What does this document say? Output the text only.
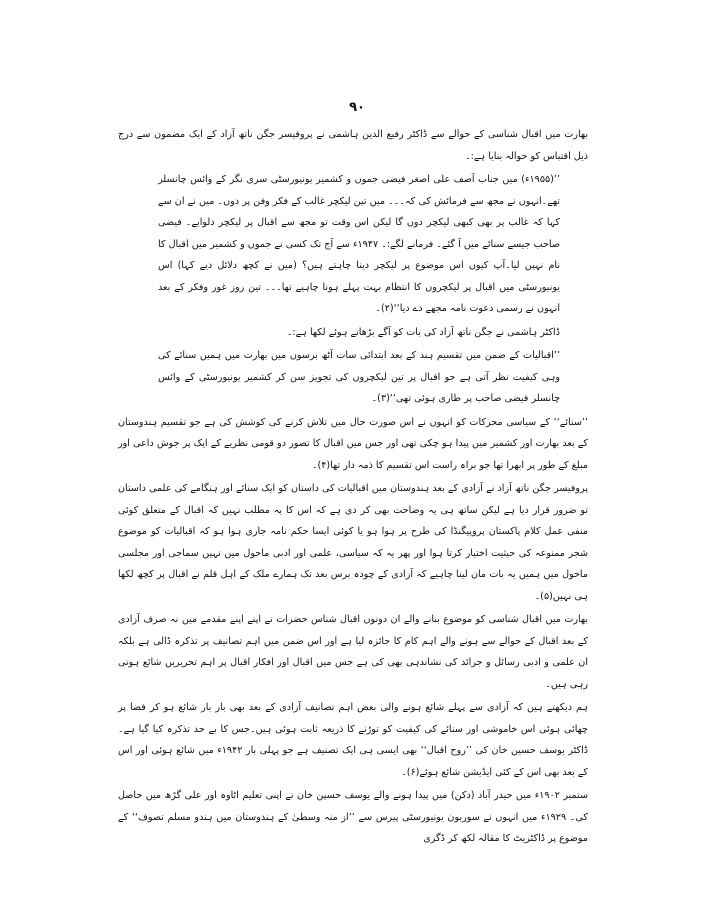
۹۰

بھارت میں اقبال شناسی کے حوالے سے ڈاکٹر رفیع الدین ہاشمی نے پروفیسر جگن ناتھ آزاد کے ایک مضمون سے درج ذیل اقتباس کو حوالہ بنایا ہے:۔

’’(۱۹۵۵ء) میں جناب آصف علی اصغر فیضی جموں و کشمیر یونیورسٹی سری نگر کے وائس چانسلر تھے۔انہوں نے مجھ سے فرمائش کی کہ۔۔۔ میں تین لیکچر غالب کے فکر وفن پر دوں۔ میں نے ان سے کہا کہ غالب پر بھی کبھی لیکچر دوں گا لیکن اس وقت تو مجھ سے اقبال پر لیکچر دلوایے۔ فیضی صاحب جیسے سنائے میں آ گئے۔ فرمانے لگے:۔ ۱۹۴۷ء سے آج تک کسی نے جموں و کشمیر میں اقبال کا نام نہیں لیا۔آپ کیوں اس موضوع پر لیکچر دینا چاہتے ہیں؟ (میں نے کچھ دلائل دیے کہا) اس یونیورسٹی میں اقبال پر لیکچروں کا انتظام بہت پہلے ہونا چاہیے تھا۔۔۔ تین روز غور وفکر کے بعد انہوں نے رسمی دعوت نامہ مجھے دے دیا‘‘(۲)۔

ڈاکٹر ہاشمی نے جگن ناتھ آزاد کی بات کو آگے بڑھاتے ہوئے لکھا ہے:۔

’’اقبالیات کے ضمن میں تقسیم ہند کے بعد ابتدائی سات آٹھ برسوں میں بھارت میں ہمیں سنائے کی وہی کیفیت نظر آتی ہے جو اقبال پر تین لیکچروں کی تجویز سن کر کشمیر یونیورسٹی کے وائس چانسلر فیضی صاحب پر طاری ہوئی تھی‘‘(۳)۔

’’سنائے‘‘ کے سیاسی محرکات کو انہوں نے اس صورت حال میں تلاش کرنے کی کوشش کی ہے جو تقسیم ہندوستان کے بعد بھارت اور کشمیر میں پیدا ہو چکی تھی اور جس میں اقبال کا تصور دو قومی نظریے کے ایک پر جوش داعی اور مبلغ کے طور پر ابھرا تھا جو براہ راست اس تقسیم کا ذمہ دار تھا(۴)۔

پروفیسر جگن ناتھ آزاد نے آزادی کے بعد ہندوستان میں اقبالیات کی داستان کو ایک سنائے اور ہنگامے کی علمی داستان تو ضرور قرار دیا ہے لیکن ساتھ ہی یہ وضاحت بھی کر دی ہے کہ اس کا یہ مطلب نہیں کہ اقبال کے متعلق کوئی منفی عمل کلام پاکستان پروپیگنڈا کی طرح پر ہوا ہو یا کوئی ایسا حکم نامہ جاری ہوا ہو کہ اقبالیات کو موضوع شجر ممنوعہ کی حیثیت اختیار کرتا ہوا اور پھر یہ کہ سیاسی، علمی اور ادبی ماحول میں نہیں سماجی اور مجلسی ماحول میں ہمیں یہ بات مان لینا چاہیے کہ آزادی کے چودہ برس بعد تک ہمارے ملک کے اہل قلم نے اقبال پر کچھ لکھا ہی نہیں(۵)۔

بھارت میں اقبال شناسی کو موضوع بنانے والے ان دونوں اقبال شناس حضرات نے اپنے اپنے مقدمے میں نہ صرف آزادی کے بعد اقبال کے حوالے سے ہونے والے اہم کام کا جائزہ لیا ہے اور اس ضمن میں اہم تصانیف پر تذکرہ ڈالی ہے بلکہ ان علمی و ادبی رسائل و جرائد کی نشاندہی بھی کی ہے جس میں اقبال اور افکار اقبال پر اہم تحریریں شائع ہوتی رہی ہیں۔

ہم دیکھتے ہیں کہ آزادی سے پہلے شائع ہونے والی بعض اہم تصانیف آزادی کے بعد بھی بار بار شائع ہو کر فضا پر چھائی ہوئی اس خاموشی اور سنائے کی کیفیت کو توڑنے کا ذریعہ ثابت ہوئی ہیں۔جس کا بے حد تذکرہ کیا گیا ہے۔ ڈاکٹر یوسف حسین خان کی ’’روح اقبال‘‘ بھی ایسی ہی ایک تصنیف ہے جو پہلی بار ۱۹۴۲ء میں شائع ہوئی اور اس کے بعد بھی اس کے کئی ایڈیشن شائع ہوئے(۶)۔

ستمبر ۱۹۰۲ء میں حیدر آباد (دکن) میں پیدا ہونے والے یوسف حسین خان نے اپنی تعلیم اٹاوہ اور علی گڑھ میں حاصل کی۔ ۱۹۲۹ء میں انہوں نے سوربون یونیورسٹی پیرس سے ’’از منہ وسطیٰ کے ہندوستان میں ہندو مسلم تصوف‘‘ کے موضوع پر ڈاکٹریٹ کا مقالہ لکھ کر ڈگری
